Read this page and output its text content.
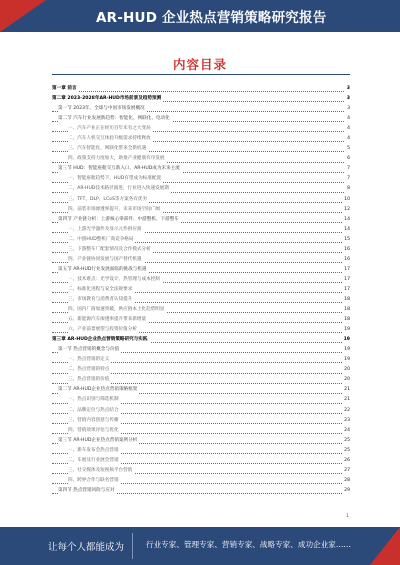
AR-HUD 企业热点营销策略研究报告
内容目录
第一章 前言	3
第二章 2023-2028年AR-HUD市场前景及趋势预测	3
第一节 2023年、全球与中国市场发展概况	3
第二节 汽车行业发展新趋势：智能化、网联化、电动化	4
一、汽车产业正在经历百年未有之大变局	4
二、汽车人机交互体验升级需求持续释放	4
三、汽车智能化、网联化带来全新机遇	5
四、政策支持力度加大，助推产业健康有序发展	6
第三节 HUD：智能座舱交互新入口，AR-HUD成为未来主流	7
一、智能座舱趋势下，HUD有望成为标准配置	7
二、AR-HUD技术路径演进，行业进入快速发展期	8
三、TFT、DLP、LCoS等方案各有优劣	10
四、前装市场渗透率提升，未来市场空间广阔	12
第四节 产业链分析：上游核心零部件、中游整机、下游整车	14
一、上游光学器件及显示元件供应商	14
二、中游HUD整机厂商竞争格局	15
三、下游整车厂配套情况及合作模式分析	16
四、产业链协同发展与国产替代机遇	16
第五节 AR-HUD行业发展面临的挑战与机遇	17
一、技术难点：光学设计、热管理与成本控制	17
二、标准化进程与安全法规要求	17
三、市场教育与消费者认知提升	18
四、国内厂商加速突破，供应链本土化趋势明显	18
五、新能源汽车渗透率提升带来新增量	18
六、产业前景展望与投资价值分析	19
第三章 AR-HUD企业热点营销策略研究与实践	19
第一节 热点营销的概念与价值	19
一、热点营销的定义	19
二、热点营销的特点	20
三、热点营销的价值	20
第二节 AR-HUD企业热点营销策略框架	21
一、热点识别与筛选机制	21
二、品牌定位与热点结合	22
三、营销内容创意与传播	23
四、营销效果评估与优化	24
第三节 AR-HUD企业热点营销案例分析	25
一、新车发布会热点营销	25
二、车展及行业展会营销	26
三、社交媒体及短视频平台营销	27
四、跨界合作与联名营销	28
第四节 热点营销风险与应对	29
1
让每个人都能成为	行业专家、管理专家、营销专家、战略专家、成功企业家……
